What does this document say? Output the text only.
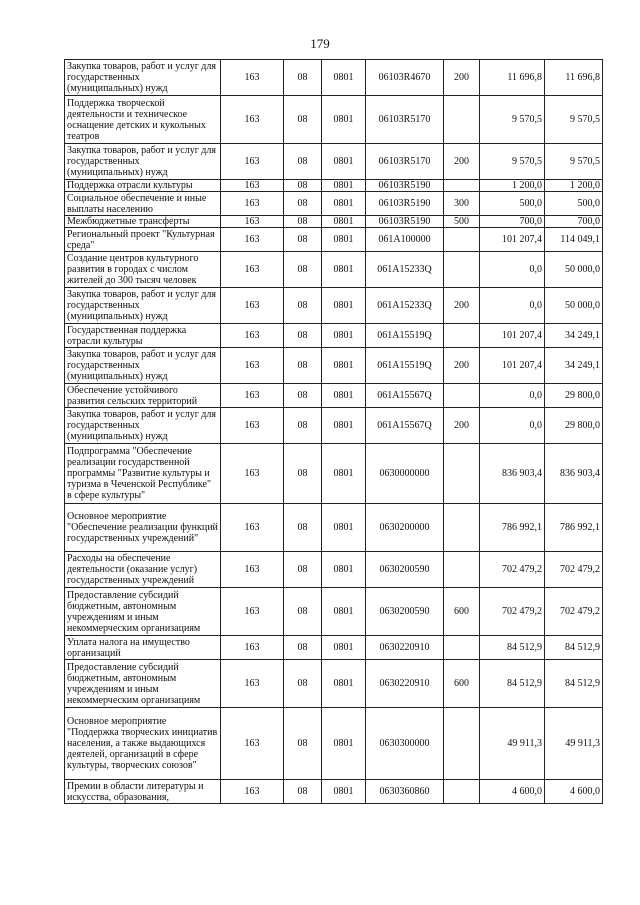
179
Закупка товаров, работ и услуг для государственных (муниципальных) нужд	163	08	0801	06103R4670	200	11 696,8	11 696,8
Поддержка творческой деятельности и техническое оснащение детских и кукольных театров	163	08	0801	06103R5170		9 570,5	9 570,5
Закупка товаров, работ и услуг для государственных (муниципальных) нужд	163	08	0801	06103R5170	200	9 570,5	9 570,5
Поддержка отрасли культуры	163	08	0801	06103R5190		1 200,0	1 200,0
Социальное обеспечение и иные выплаты населению	163	08	0801	06103R5190	300	500,0	500,0
Межбюджетные трансферты	163	08	0801	06103R5190	500	700,0	700,0
Региональный проект "Культурная среда"	163	08	0801	061A100000		101 207,4	114 049,1
Создание центров культурного развития в городах с числом жителей до 300 тысяч человек	163	08	0801	061A15233Q		0,0	50 000,0
Закупка товаров, работ и услуг для государственных (муниципальных) нужд	163	08	0801	061A15233Q	200	0,0	50 000,0
Государственная поддержка отрасли культуры	163	08	0801	061A15519Q		101 207,4	34 249,1
Закупка товаров, работ и услуг для государственных (муниципальных) нужд	163	08	0801	061A15519Q	200	101 207,4	34 249,1
Обеспечение устойчивого развития сельских территорий	163	08	0801	061A15567Q		0,0	29 800,0
Закупка товаров, работ и услуг для государственных (муниципальных) нужд	163	08	0801	061A15567Q	200	0,0	29 800,0
Подпрограмма "Обеспечение реализации государственной программы "Развитие культуры и туризма в Чеченской Республике" в сфере культуры"	163	08	0801	0630000000		836 903,4	836 903,4
Основное мероприятие "Обеспечение реализации функций государственных учреждений"	163	08	0801	0630200000		786 992,1	786 992,1
Расходы на обеспечение деятельности (оказание услуг) государственных учреждений	163	08	0801	0630200590		702 479,2	702 479,2
Предоставление субсидий бюджетным, автономным учреждениям и иным некоммерческим организациям	163	08	0801	0630200590	600	702 479,2	702 479,2
Уплата налога на имущество организаций	163	08	0801	0630220910		84 512,9	84 512,9
Предоставление субсидий бюджетным, автономным учреждениям и иным некоммерческим организациям	163	08	0801	0630220910	600	84 512,9	84 512,9
Основное мероприятие "Поддержка творческих инициатив населения, а также выдающихся деятелей, организаций в сфере культуры, творческих союзов"	163	08	0801	0630300000		49 911,3	49 911,3
Премии в области литературы и искусства, образования,	163	08	0801	0630360860		4 600,0	4 600,0
